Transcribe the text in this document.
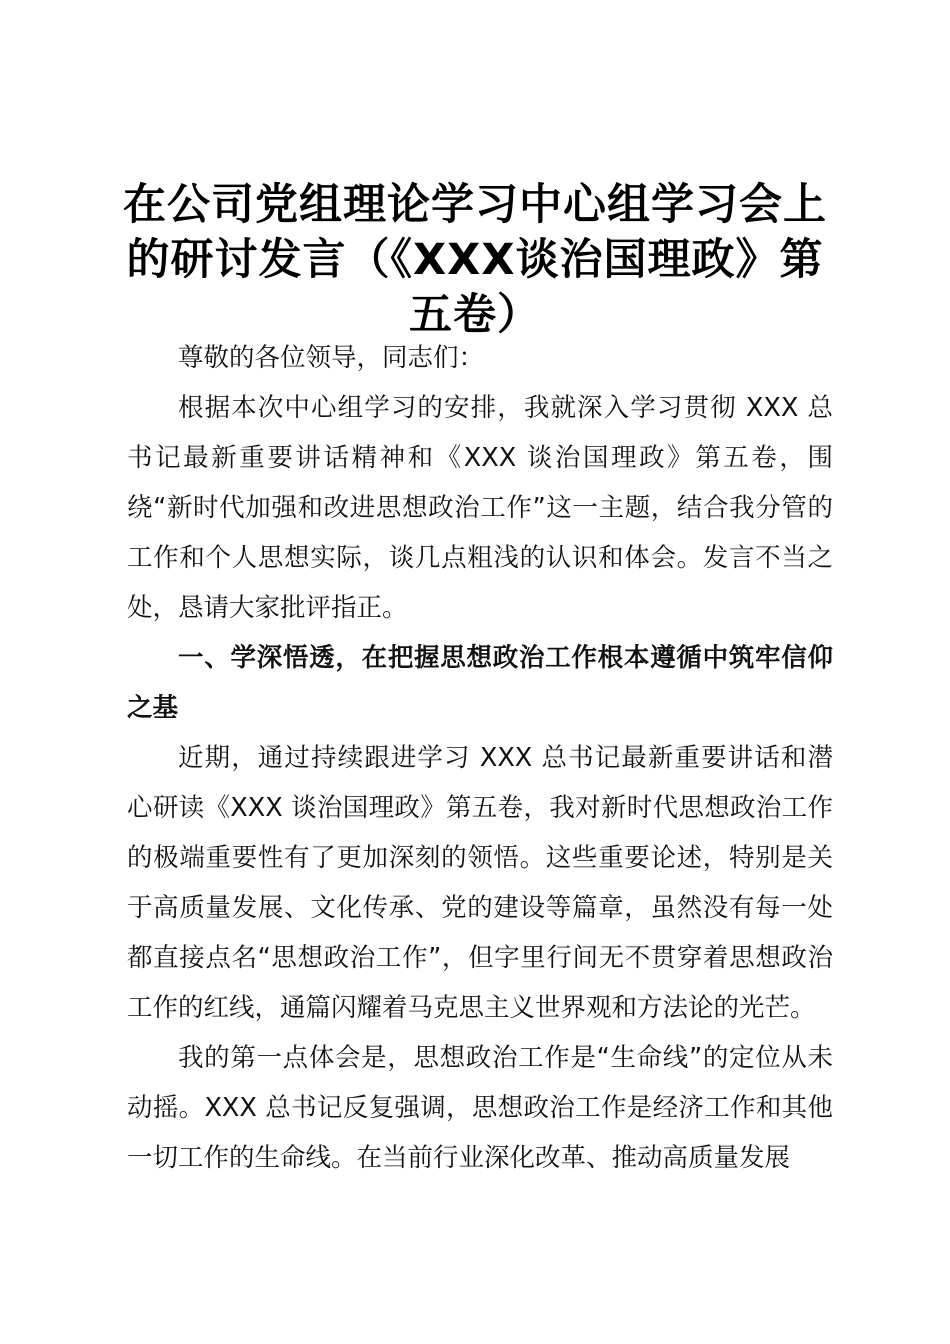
在公司党组理论学习中心组学习会上的研讨发言（《XXX谈治国理政》第五卷）

尊敬的各位领导，同志们：

根据本次中心组学习的安排，我就深入学习贯彻 XXX 总书记最新重要讲话精神和《XXX 谈治国理政》第五卷，围绕“新时代加强和改进思想政治工作”这一主题，结合我分管的工作和个人思想实际，谈几点粗浅的认识和体会。发言不当之处，恳请大家批评指正。

一、学深悟透，在把握思想政治工作根本遵循中筑牢信仰之基

近期，通过持续跟进学习 XXX 总书记最新重要讲话和潜心研读《XXX 谈治国理政》第五卷，我对新时代思想政治工作的极端重要性有了更加深刻的领悟。这些重要论述，特别是关于高质量发展、文化传承、党的建设等篇章，虽然没有每一处都直接点名“思想政治工作”，但字里行间无不贯穿着思想政治工作的红线，通篇闪耀着马克思主义世界观和方法论的光芒。

我的第一点体会是，思想政治工作是“生命线”的定位从未动摇。XXX 总书记反复强调，思想政治工作是经济工作和其他一切工作的生命线。在当前行业深化改革、推动高质量发展
